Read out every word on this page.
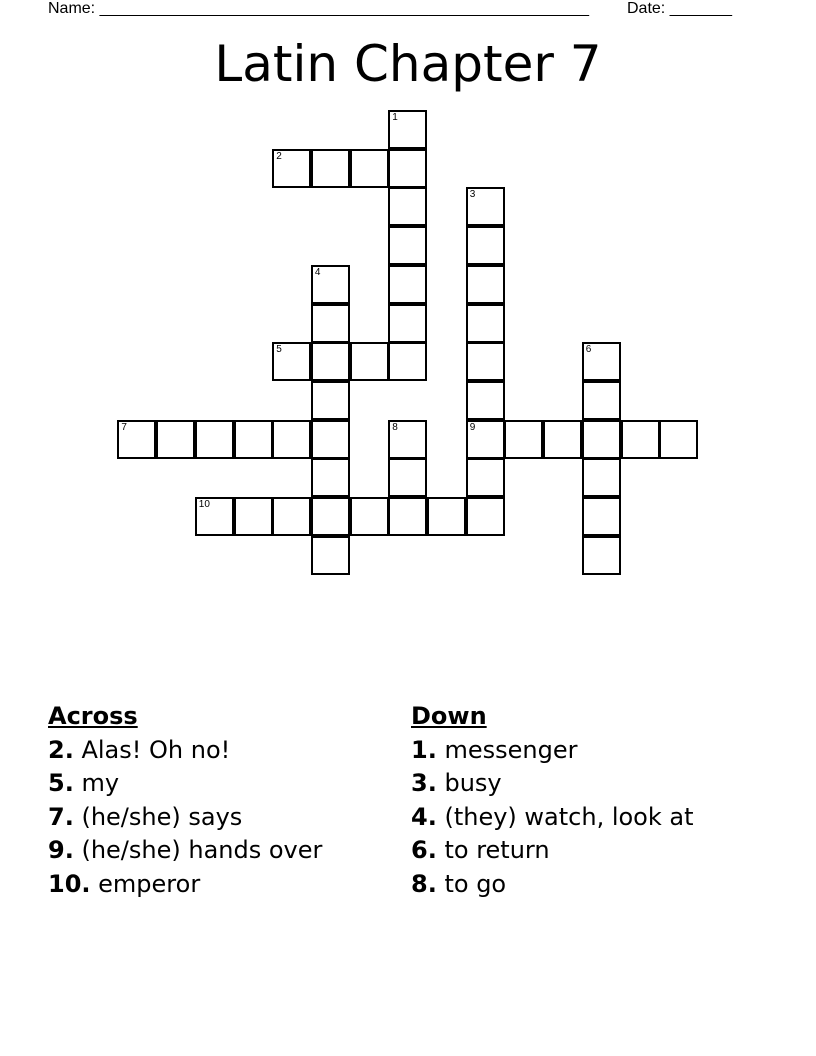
Name: _______________________________________________________ Date: _______
Latin Chapter 7
1
2
3
9
4
5	6
7	8
10
Across
2. Alas! Oh no!
5. my
7. (he/she) says
9. (he/she) hands over
10. emperor
Down
1. messenger
3. busy
4. (they) watch, look at
6. to return
8. to go
